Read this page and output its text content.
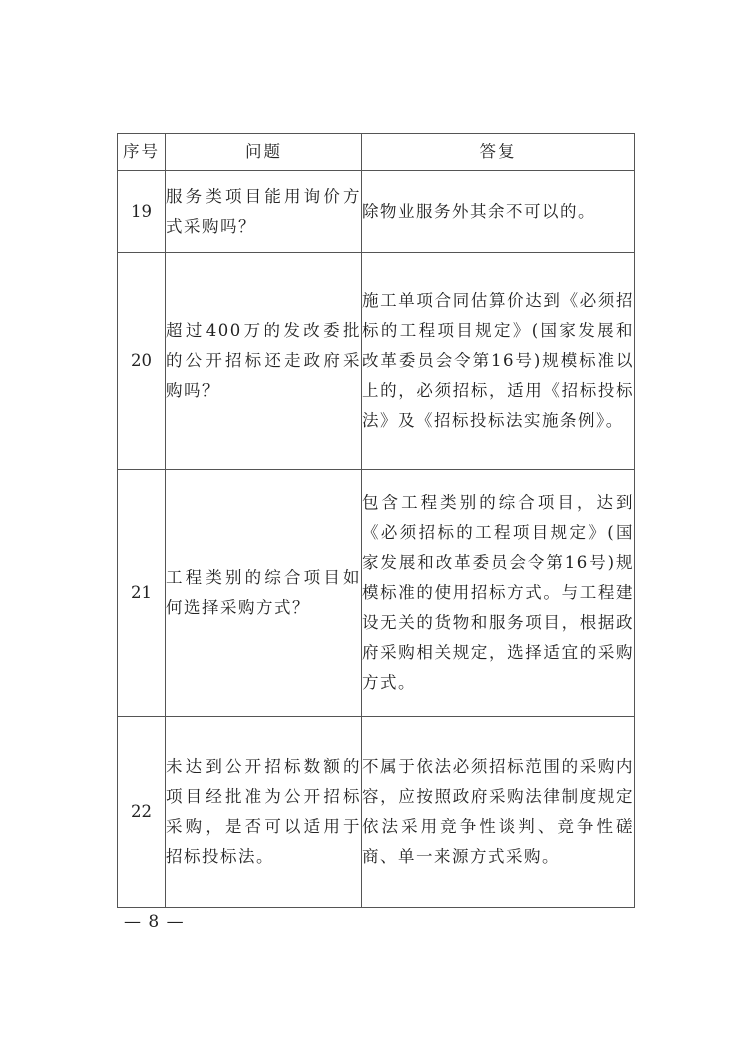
序号	问题	答复
19	服务类项目能用询价方式采购吗？	除物业服务外其余不可以的。
20	超过400万的发改委批的公开招标还走政府采购吗？	施工单项合同估算价达到《必须招标的工程项目规定》(国家发展和改革委员会令第16号)规模标准以上的，必须招标，适用《招标投标法》及《招标投标法实施条例》。
21	工程类别的综合项目如何选择采购方式？	包含工程类别的综合项目，达到《必须招标的工程项目规定》(国家发展和改革委员会令第16号)规模标准的使用招标方式。与工程建设无关的货物和服务项目，根据政府采购相关规定，选择适宜的采购方式。
22	未达到公开招标数额的项目经批准为公开招标采购，是否可以适用于招标投标法。	不属于依法必须招标范围的采购内容，应按照政府采购法律制度规定依法采用竞争性谈判、竞争性磋商、单一来源方式采购。
— 8 —
